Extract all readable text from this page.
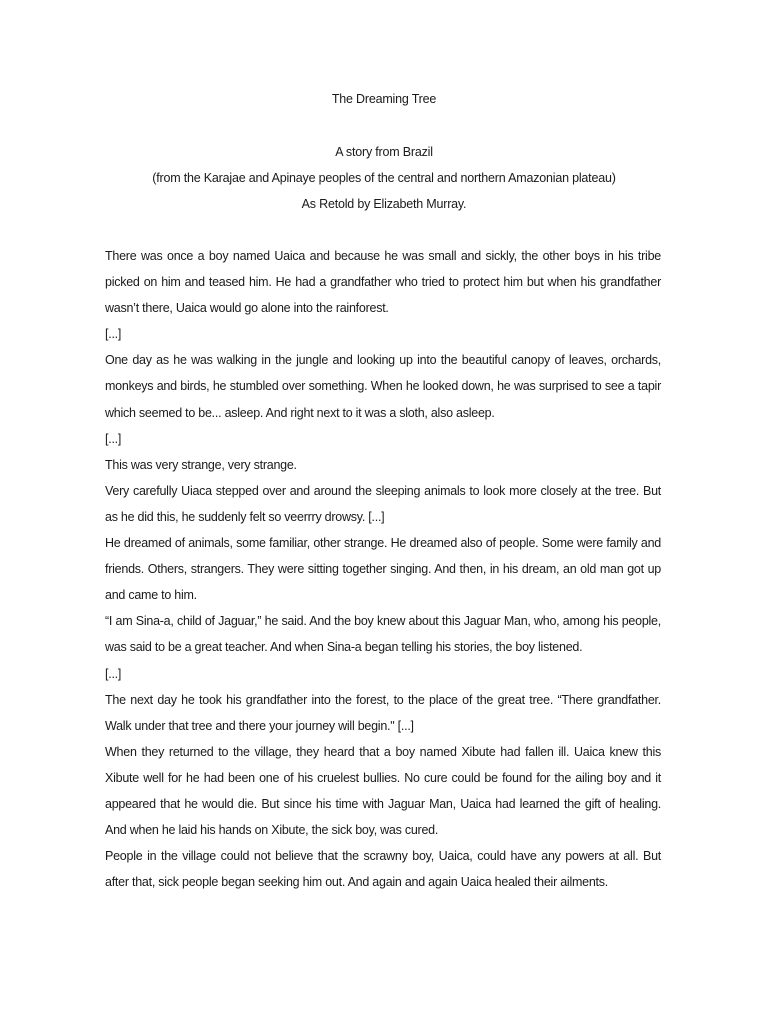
The Dreaming Tree
A story from Brazil
(from the Karajae and Apinaye peoples of the central and northern Amazonian plateau)
As Retold by Elizabeth Murray.

There was once a boy named Uaica and because he was small and sickly, the other boys in his tribe picked on him and teased him. He had a grandfather who tried to protect him but when his grandfather wasn’t there, Uaica would go alone into the rainforest.

[...]

One day as he was walking in the jungle and looking up into the beautiful canopy of leaves, orchards, monkeys and birds, he stumbled over something. When he looked down, he was surprised to see a tapir which seemed to be... asleep. And right next to it was a sloth, also asleep.

[...]

This was very strange, very strange.

Very carefully Uiaca stepped over and around the sleeping animals to look more closely at the tree. But as he did this, he suddenly felt so veerrry drowsy. [...]

He dreamed of animals, some familiar, other strange. He dreamed also of people. Some were family and friends. Others, strangers. They were sitting together singing. And then, in his dream, an old man got up and came to him.

“I am Sina-a, child of Jaguar,” he said. And the boy knew about this Jaguar Man, who, among his people, was said to be a great teacher. And when Sina-a began telling his stories, the boy listened.

[...]

The next day he took his grandfather into the forest, to the place of the great tree. “There grandfather. Walk under that tree and there your journey will begin." [...]

When they returned to the village, they heard that a boy named Xibute had fallen ill. Uaica knew this Xibute well for he had been one of his cruelest bullies. No cure could be found for the ailing boy and it appeared that he would die. But since his time with Jaguar Man, Uaica had learned the gift of healing. And when he laid his hands on Xibute, the sick boy, was cured.

People in the village could not believe that the scrawny boy, Uaica, could have any powers at all. But after that, sick people began seeking him out. And again and again Uaica healed their ailments.
